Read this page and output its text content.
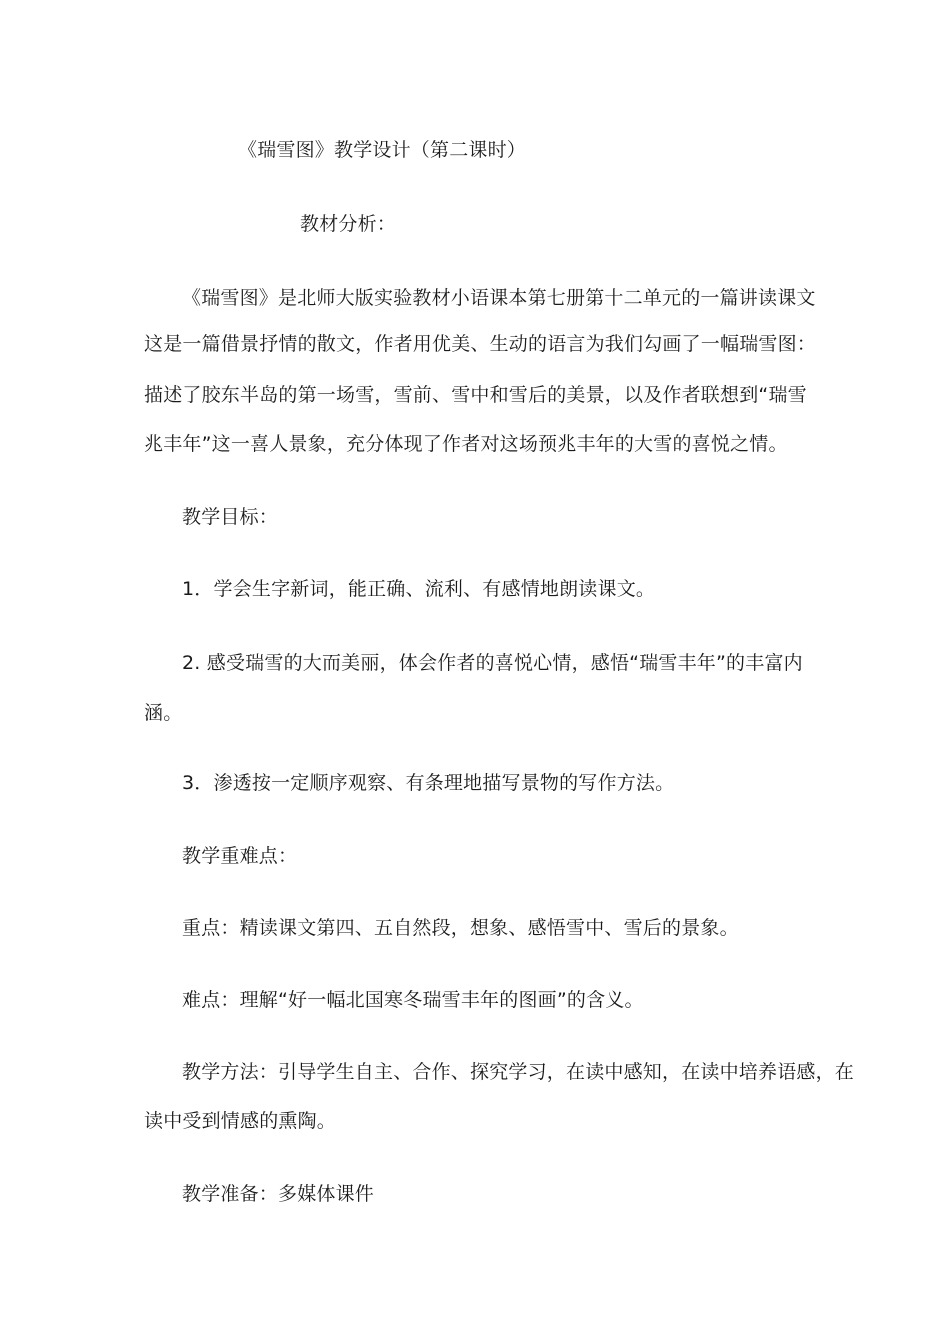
《瑞雪图》教学设计（第二课时）
教材分析：
《瑞雪图》是北师大版实验教材小语课本第七册第十二单元的一篇讲读课文
这是一篇借景抒情的散文，作者用优美、生动的语言为我们勾画了一幅瑞雪图：
描述了胶东半岛的第一场雪，雪前、雪中和雪后的美景，以及作者联想到“瑞雪
兆丰年”这一喜人景象，充分体现了作者对这场预兆丰年的大雪的喜悦之情。
教学目标：
1．学会生字新词，能正确、流利、有感情地朗读课文。
2. 感受瑞雪的大而美丽，体会作者的喜悦心情，感悟“瑞雪丰年”的丰富内
涵。
3．渗透按一定顺序观察、有条理地描写景物的写作方法。
教学重难点：
重点：精读课文第四、五自然段，想象、感悟雪中、雪后的景象。
难点：理解“好一幅北国寒冬瑞雪丰年的图画”的含义。
教学方法：引导学生自主、合作、探究学习，在读中感知，在读中培养语感，在
读中受到情感的熏陶。
教学准备：多媒体课件
